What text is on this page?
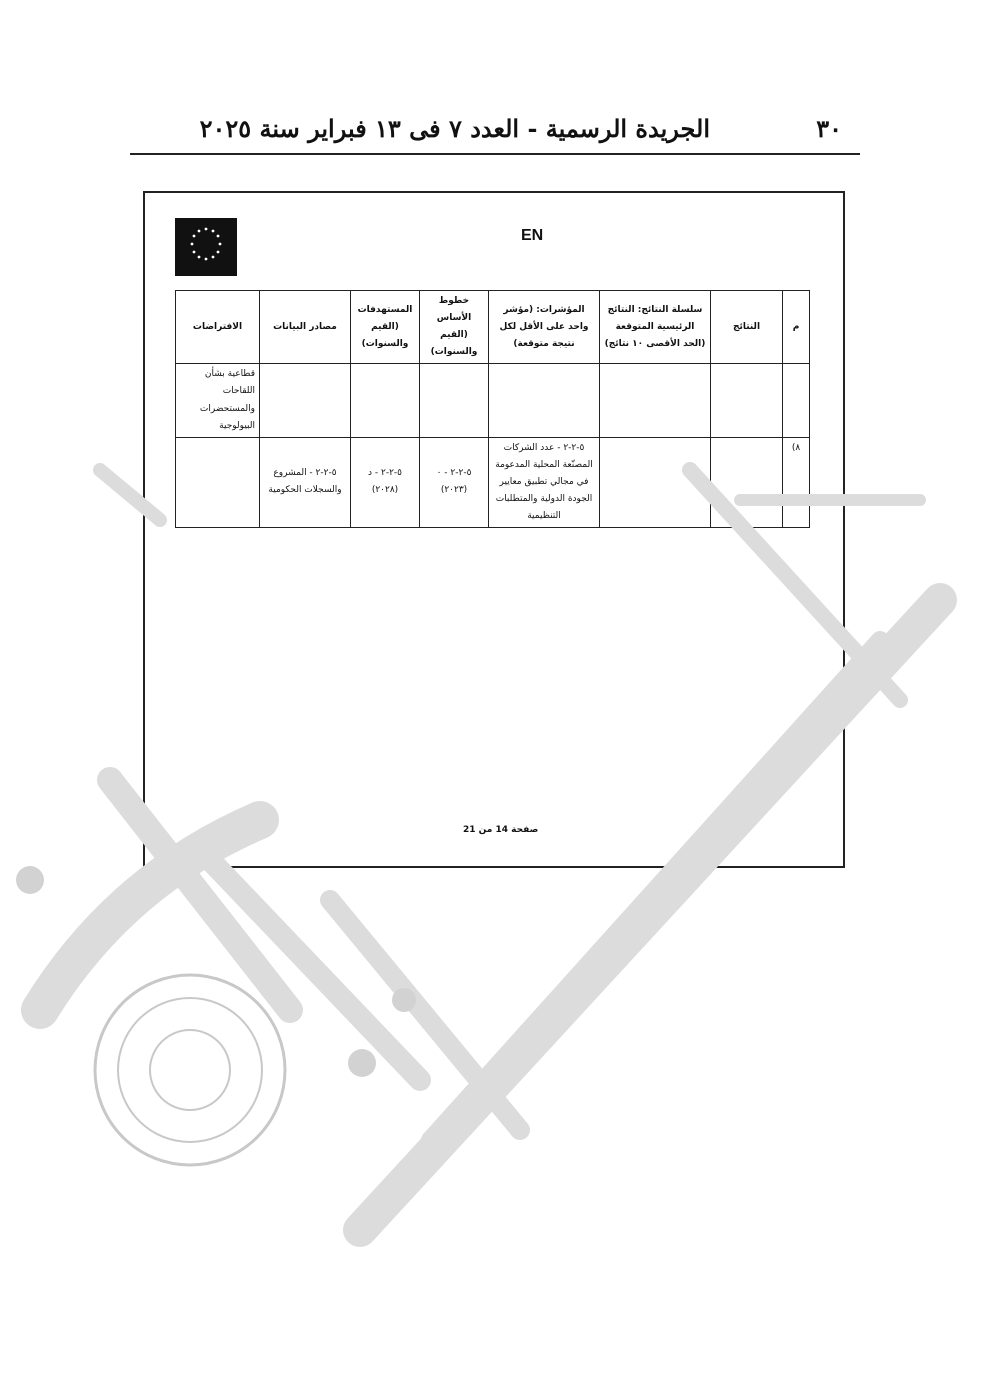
الجريدة الرسمية - العدد ٧ فى ١٣ فبراير سنة ٢٠٢٥	٣٠
EN
م	النتائج	سلسلة النتائج: النتائج الرئيسية المتوقعة (الحد الأقصى ١٠ نتائج)	المؤشرات: (مؤشر واحد على الأقل لكل نتيجة متوقعة)	خطوط الأساس (القيم والسنوات)	المستهدفات (القيم والسنوات)	مصادر البيانات	الافتراضات
							قطاعية بشأن اللقاحات والمستحضرات البيولوجية
٨)			٥-٢-٢ - عدد الشركات المصنّعة المحلية المدعومة في مجالي تطبيق معايير الجودة الدولية والمتطلبات التنظيمية	٥-٢-٢ - ٠ (٢٠٢٣)	٥-٢-٢ - د (٢٠٢٨)	٥-٢-٢ - المشروع والسجلات الحكومية	
صفحة 14 من 21
